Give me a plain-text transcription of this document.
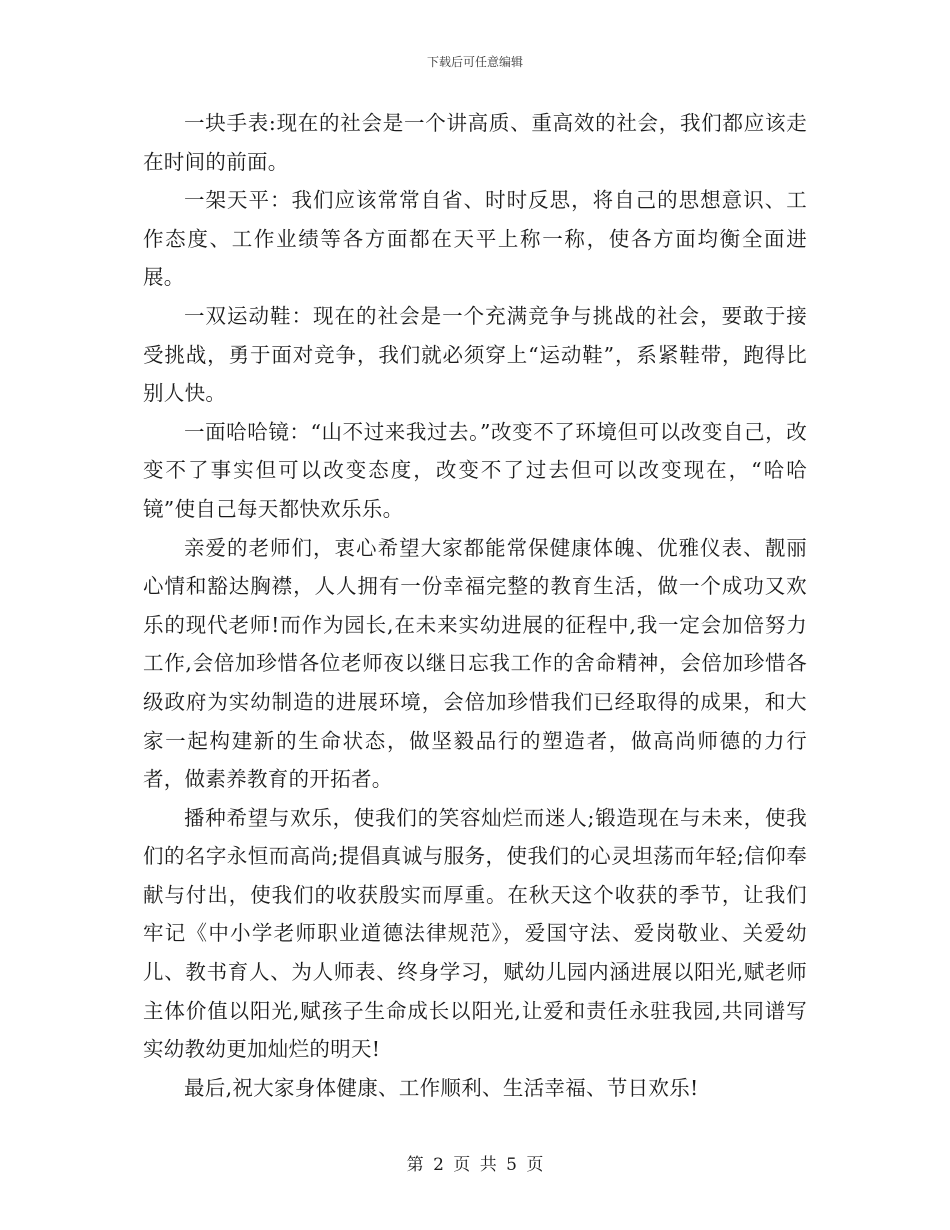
下载后可任意编辑

一块手表:现在的社会是一个讲高质、重高效的社会，我们都应该走在时间的前面。

一架天平：我们应该常常自省、时时反思，将自己的思想意识、工作态度、工作业绩等各方面都在天平上称一称，使各方面均衡全面进展。

一双运动鞋：现在的社会是一个充满竞争与挑战的社会，要敢于接受挑战，勇于面对竞争，我们就必须穿上“运动鞋”，系紧鞋带，跑得比别人快。

一面哈哈镜：“山不过来我过去。”改变不了环境但可以改变自己，改变不了事实但可以改变态度，改变不了过去但可以改变现在，“哈哈镜”使自己每天都快欢乐乐。

亲爱的老师们，衷心希望大家都能常保健康体魄、优雅仪表、靓丽心情和豁达胸襟，人人拥有一份幸福完整的教育生活，做一个成功又欢乐的现代老师!而作为园长,在未来实幼进展的征程中,我一定会加倍努力工作,会倍加珍惜各位老师夜以继日忘我工作的舍命精神，会倍加珍惜各级政府为实幼制造的进展环境，会倍加珍惜我们已经取得的成果，和大家一起构建新的生命状态，做坚毅品行的塑造者，做高尚师德的力行者，做素养教育的开拓者。

播种希望与欢乐，使我们的笑容灿烂而迷人;锻造现在与未来，使我们的名字永恒而高尚;提倡真诚与服务，使我们的心灵坦荡而年轻;信仰奉献与付出，使我们的收获殷实而厚重。在秋天这个收获的季节，让我们牢记《中小学老师职业道德法律规范》，爱国守法、爱岗敬业、关爱幼儿、教书育人、为人师表、终身学习，赋幼儿园内涵进展以阳光,赋老师主体价值以阳光,赋孩子生命成长以阳光,让爱和责任永驻我园,共同谱写实幼教幼更加灿烂的明天!

最后,祝大家身体健康、工作顺利、生活幸福、节日欢乐!

第 2 页 共 5 页
